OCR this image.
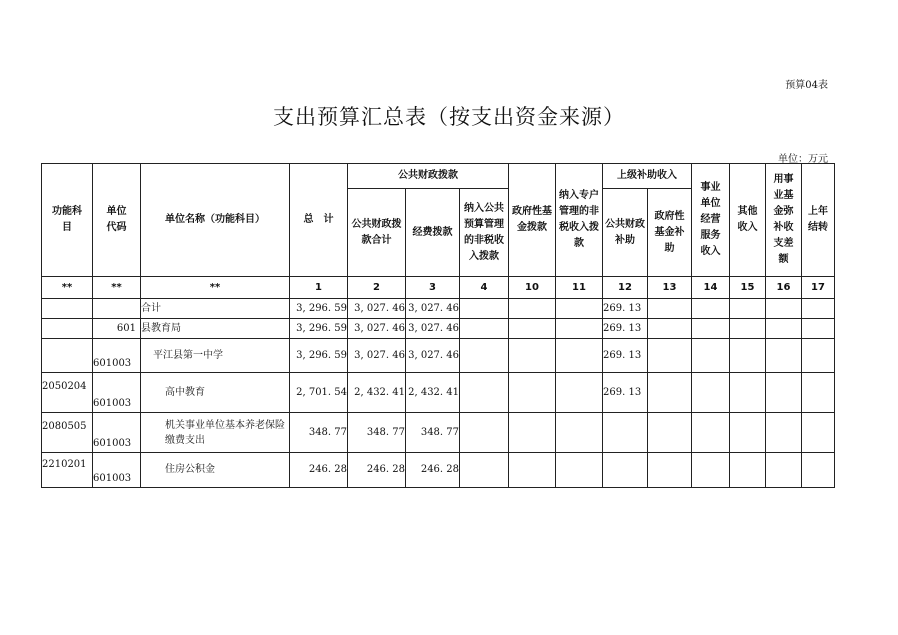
预算04表
支出预算汇总表（按支出资金来源）
单位：万元
功能科目	单位代码	单位名称（功能科目）	总　计	公共财政拨款			政府性基金拨款	纳入专户管理的非税收入拨款	上级补助收入		事业单位经营服务收入	其他收入	用事业基金弥补收支差额	上年结转
				公共财政拨款合计	经费拨款	纳入公共预算管理的非税收入拨款			公共财政补助	政府性基金补助				
**	**	**	1	2	3	4	10	11	12	13	14	15	16	17
		合计	3, 296. 59	3, 027. 46	3, 027. 46				269. 13					
	601	县教育局	3, 296. 59	3, 027. 46	3, 027. 46				269. 13					
	601003	平江县第一中学	3, 296. 59	3, 027. 46	3, 027. 46				269. 13					
2050204	601003	高中教育	2, 701. 54	2, 432. 41	2, 432. 41				269. 13					
2080505	601003	机关事业单位基本养老保险缴费支出	348. 77	348. 77	348. 77									
2210201	601003	住房公积金	246. 28	246. 28	246. 28									
